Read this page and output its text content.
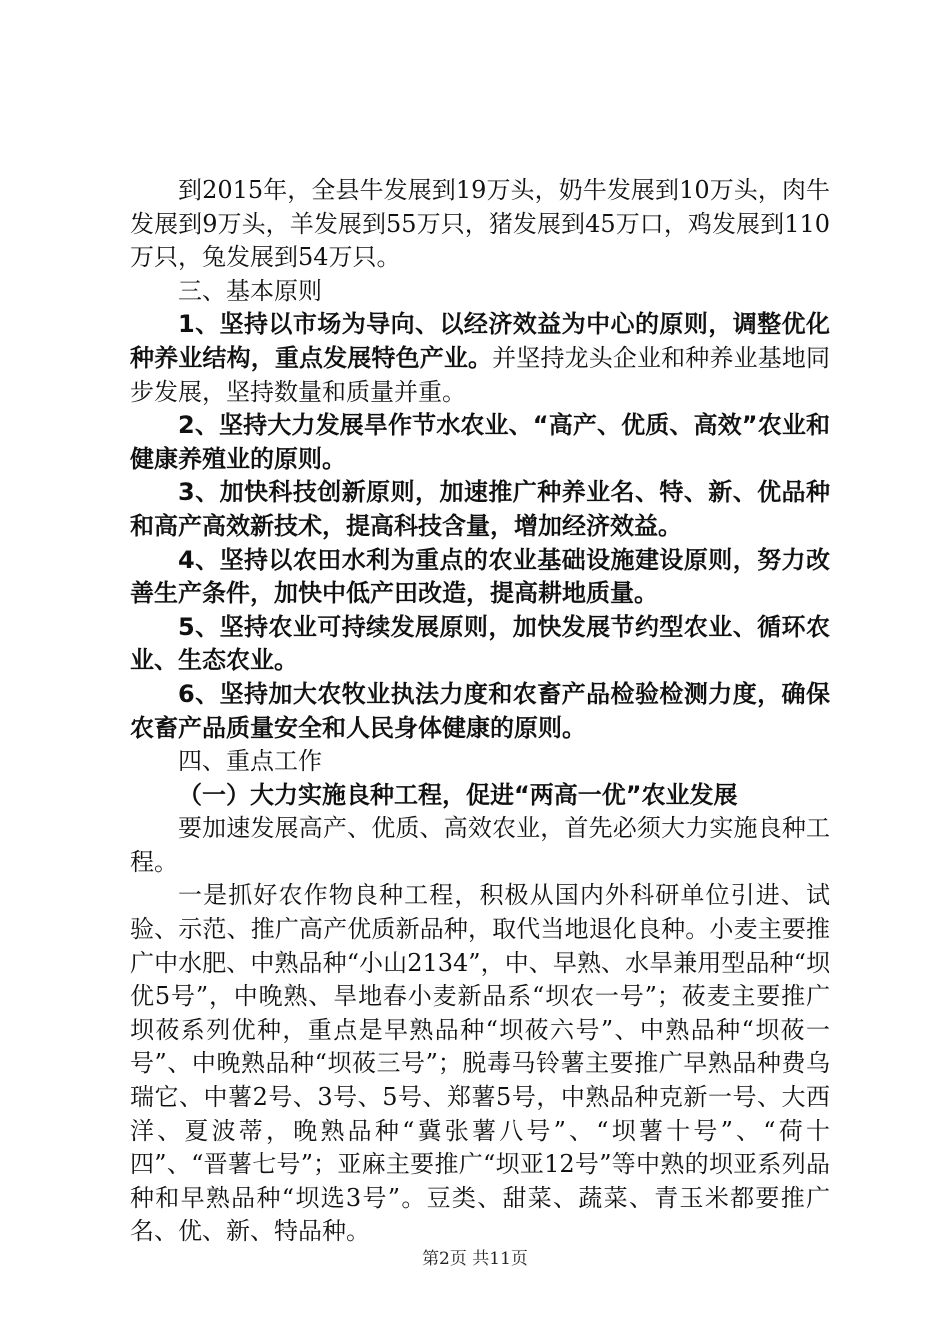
到2015年，全县牛发展到19万头，奶牛发展到10万头，肉牛发展到9万头，羊发展到55万只，猪发展到45万口，鸡发展到110万只，兔发展到54万只。

三、基本原则

1、坚持以市场为导向、以经济效益为中心的原则，调整优化种养业结构，重点发展特色产业。并坚持龙头企业和种养业基地同步发展，坚持数量和质量并重。

2、坚持大力发展旱作节水农业、“高产、优质、高效”农业和健康养殖业的原则。

3、加快科技创新原则，加速推广种养业名、特、新、优品种和高产高效新技术，提高科技含量，增加经济效益。

4、坚持以农田水利为重点的农业基础设施建设原则，努力改善生产条件，加快中低产田改造，提高耕地质量。

5、坚持农业可持续发展原则，加快发展节约型农业、循环农业、生态农业。

6、坚持加大农牧业执法力度和农畜产品检验检测力度，确保农畜产品质量安全和人民身体健康的原则。

四、重点工作

（一）大力实施良种工程，促进“两高一优”农业发展

要加速发展高产、优质、高效农业，首先必须大力实施良种工程。

一是抓好农作物良种工程，积极从国内外科研单位引进、试验、示范、推广高产优质新品种，取代当地退化良种。小麦主要推广中水肥、中熟品种“小山2134”，中、早熟、水旱兼用型品种“坝优5号”，中晚熟、旱地春小麦新品系“坝农一号”；莜麦主要推广坝莜系列优种，重点是早熟品种“坝莜六号”、中熟品种“坝莜一号”、中晚熟品种“坝莜三号”；脱毒马铃薯主要推广早熟品种费乌瑞它、中薯2号、3号、5号、郑薯5号，中熟品种克新一号、大西洋、夏波蒂，晚熟品种“冀张薯八号”、“坝薯十号”、“荷十四”、“晋薯七号”；亚麻主要推广“坝亚12号”等中熟的坝亚系列品种和早熟品种“坝选3号”。豆类、甜菜、蔬菜、青玉米都要推广名、优、新、特品种。

第2页 共11页
